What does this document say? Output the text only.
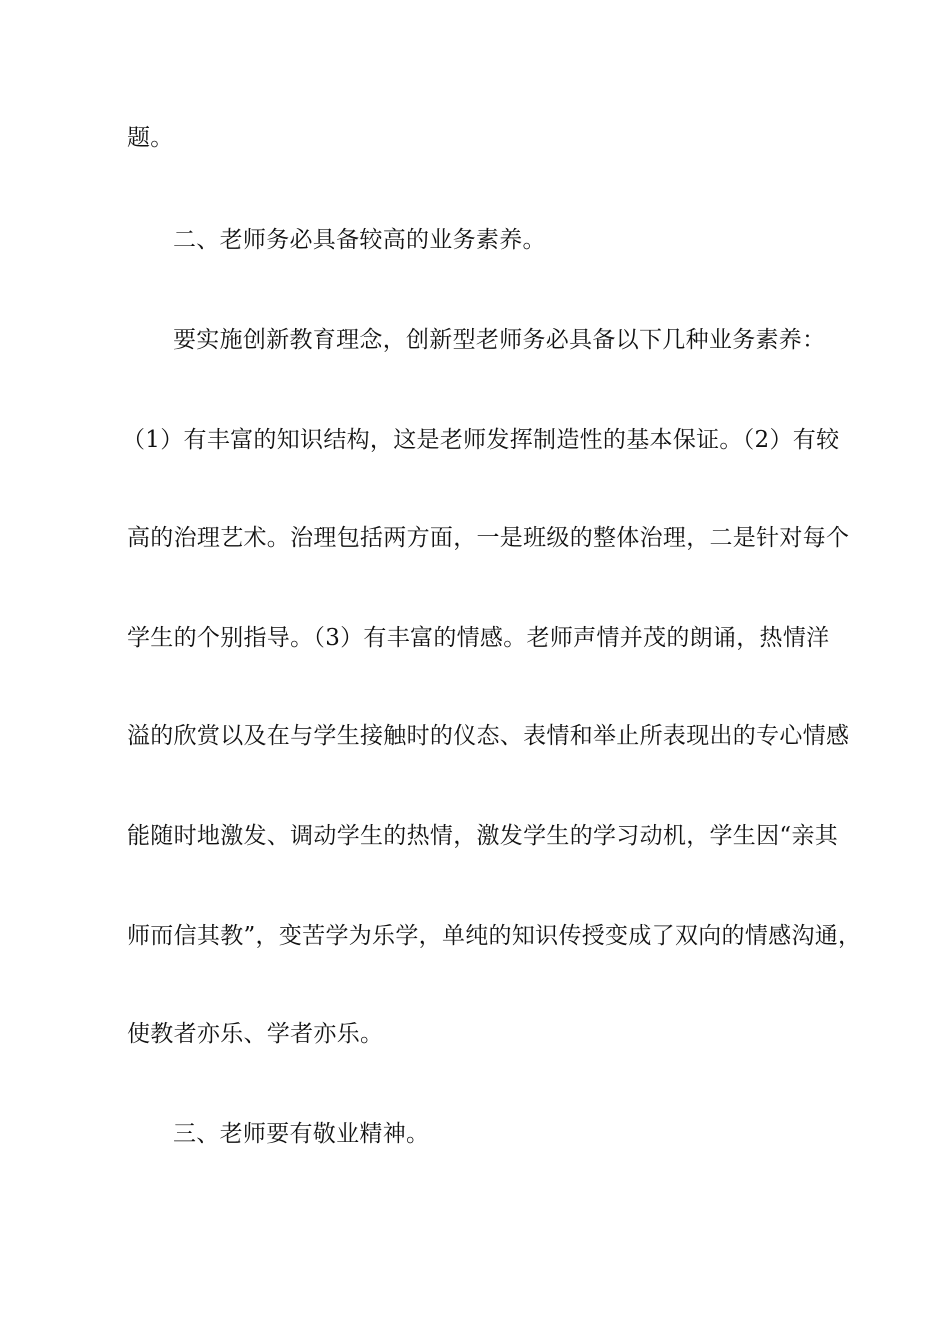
题。
二、老师务必具备较高的业务素养。
要实施创新教育理念，创新型老师务必具备以下几种业务素养：
（1）有丰富的知识结构，这是老师发挥制造性的基本保证。（2）有较
高的治理艺术。治理包括两方面，一是班级的整体治理，二是针对每个
学生的个别指导。（3）有丰富的情感。老师声情并茂的朗诵，热情洋
溢的欣赏以及在与学生接触时的仪态、表情和举止所表现出的专心情感
能随时地激发、调动学生的热情，激发学生的学习动机，学生因“亲其
师而信其教”，变苦学为乐学，单纯的知识传授变成了双向的情感沟通，
使教者亦乐、学者亦乐。
三、老师要有敬业精神。
